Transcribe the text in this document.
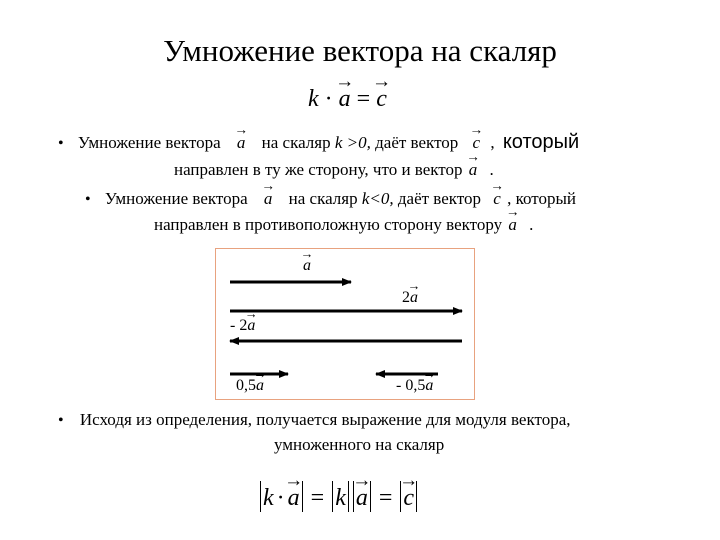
Умножение вектора на скаляр
k ·
→
a =
→
c
• Умножение вектора
→
a на скаляр k >0, даёт вектор
→
c , который
направлен в ту же сторону, что и вектор
→
a .
• Умножение вектора
→
a на скаляр k<0, даёт вектор
→
c , который
направлен в противоположную сторону вектору
→
a .
→
a
2
→
a
- 2
→
a
0,5
→
a	- 0,5
→
a
• Исходя из определения, получается выражение для модуля вектора,
умноженного на скаляр
k ·
→
a = k
→
a =
→
c
